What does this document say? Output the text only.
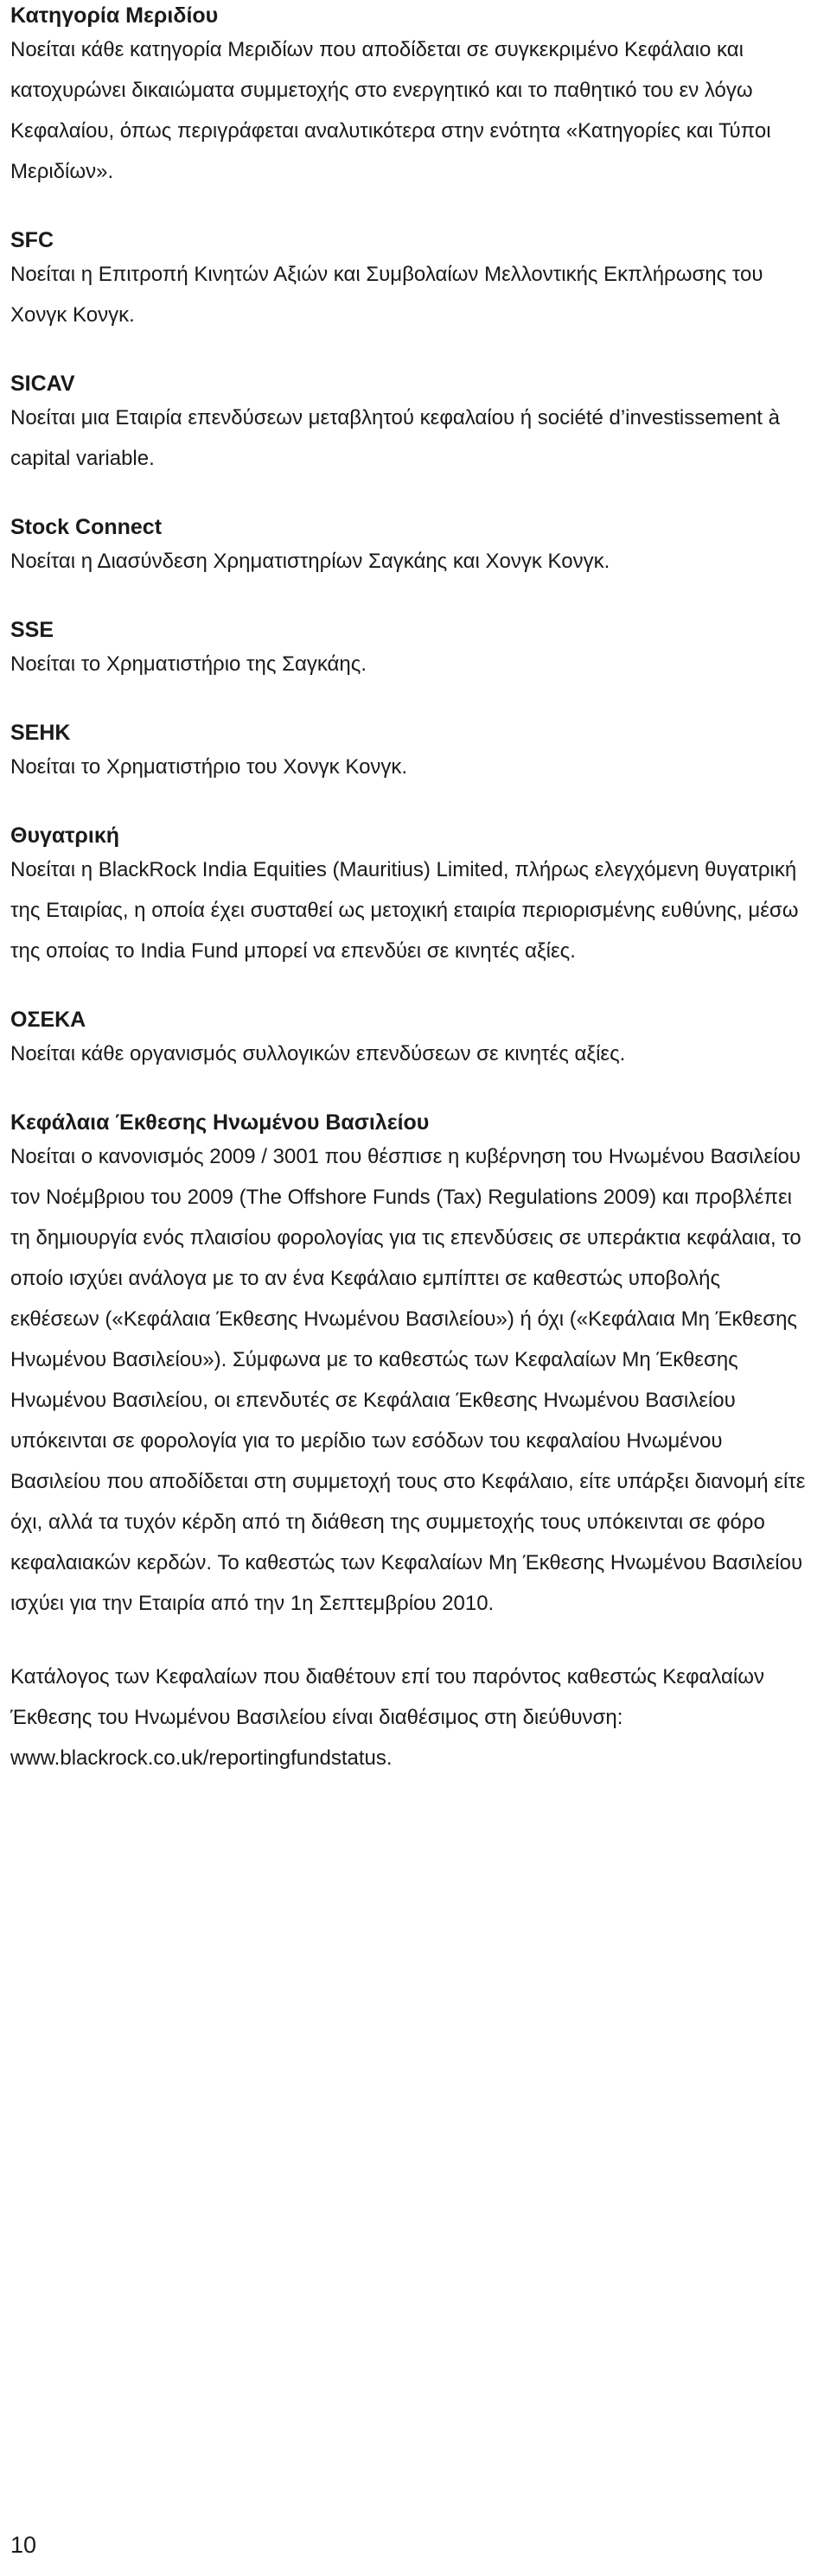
Κατηγορία Μεριδίου

Νοείται κάθε κατηγορία Μεριδίων που αποδίδεται σε συγκεκριμένο Κεφάλαιο και κατοχυρώνει δικαιώματα συμμετοχής στο ενεργητικό και το παθητικό του εν λόγω Κεφαλαίου, όπως περιγράφεται αναλυτικότερα στην ενότητα «Κατηγορίες και Τύποι Μεριδίων».

SFC

Νοείται η Επιτροπή Κινητών Αξιών και Συμβολαίων Μελλοντικής Εκπλήρωσης του Χονγκ Κονγκ.

SICAV

Νοείται μια Εταιρία επενδύσεων μεταβλητού κεφαλαίου ή société d’investissement à capital variable.

Stock Connect

Νοείται η Διασύνδεση Χρηματιστηρίων Σαγκάης και Χονγκ Κονγκ.

SSE

Νοείται το Χρηματιστήριο της Σαγκάης.

SEHK

Νοείται το Χρηματιστήριο του Χονγκ Κονγκ.

Θυγατρική

Νοείται η BlackRock India Equities (Mauritius) Limited, πλήρως ελεγχόμενη θυγατρική της Εταιρίας, η οποία έχει συσταθεί ως μετοχική εταιρία περιορισμένης ευθύνης, μέσω της οποίας το India Fund μπορεί να επενδύει σε κινητές αξίες.

ΟΣΕΚΑ

Νοείται κάθε οργανισμός συλλογικών επενδύσεων σε κινητές αξίες.

Κεφάλαια Έκθεσης Ηνωμένου Βασιλείου

Νοείται ο κανονισμός 2009 / 3001 που θέσπισε η κυβέρνηση του Ηνωμένου Βασιλείου τον Νοέμβριου του 2009 (The Offshore Funds (Tax) Regulations 2009) και προβλέπει τη δημιουργία ενός πλαισίου φορολογίας για τις επενδύσεις σε υπεράκτια κεφάλαια, το οποίο ισχύει ανάλογα με το αν ένα Κεφάλαιο εμπίπτει σε καθεστώς υποβολής εκθέσεων («Κεφάλαια Έκθεσης Ηνωμένου Βασιλείου») ή όχι («Κεφάλαια Μη Έκθεσης Ηνωμένου Βασιλείου»). Σύμφωνα με το καθεστώς των Κεφαλαίων Μη Έκθεσης Ηνωμένου Βασιλείου, οι επενδυτές σε Κεφάλαια Έκθεσης Ηνωμένου Βασιλείου υπόκεινται σε φορολογία για το μερίδιο των εσόδων του κεφαλαίου Ηνωμένου Βασιλείου που αποδίδεται στη συμμετοχή τους στο Κεφάλαιο, είτε υπάρξει διανομή είτε όχι, αλλά τα τυχόν κέρδη από τη διάθεση της συμμετοχής τους υπόκεινται σε φόρο κεφαλαιακών κερδών. Το καθεστώς των Κεφαλαίων Μη Έκθεσης Ηνωμένου Βασιλείου ισχύει για την Εταιρία από την 1η Σεπτεμβρίου 2010.

Κατάλογος των Κεφαλαίων που διαθέτουν επί του παρόντος καθεστώς Κεφαλαίων Έκθεσης του Ηνωμένου Βασιλείου είναι διαθέσιμος στη διεύθυνση: www.blackrock.co.uk/reportingfundstatus.

10
